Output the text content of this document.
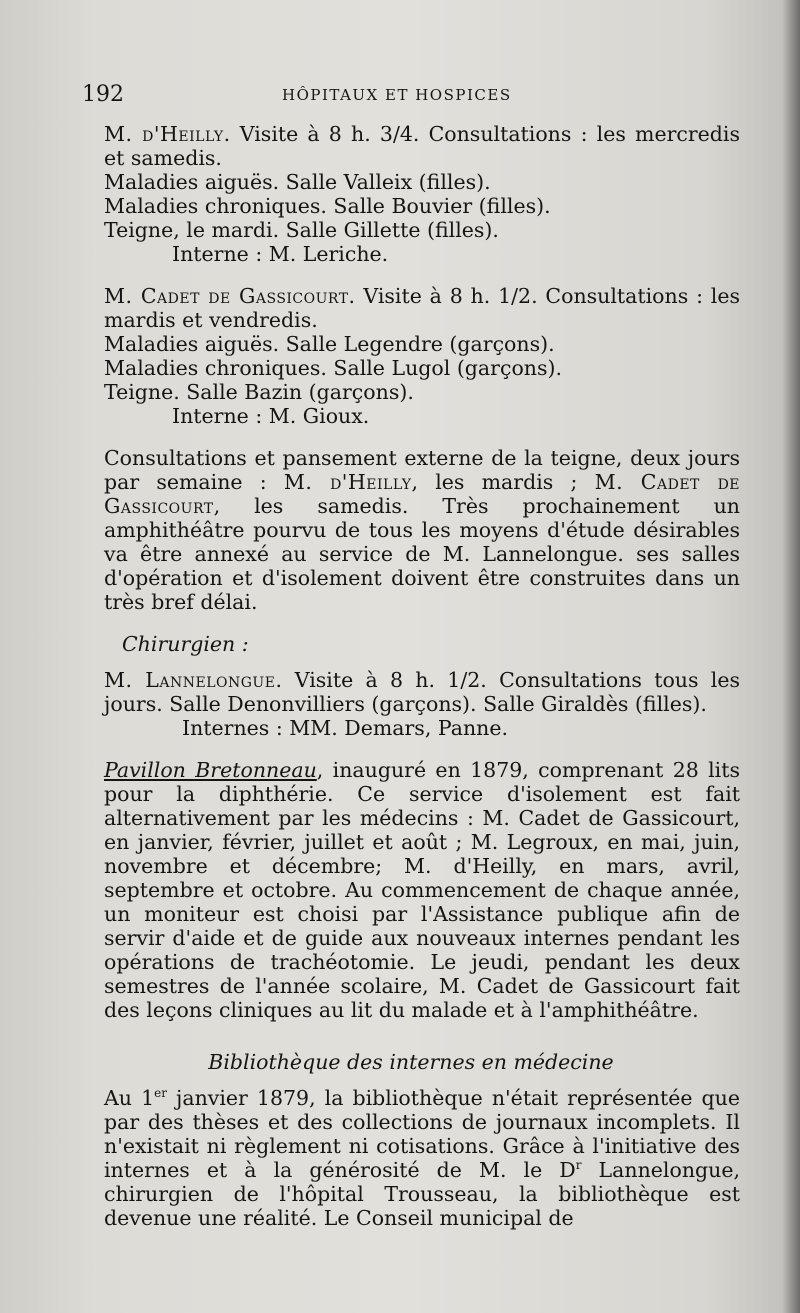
192	HÔPITAUX ET HOSPICES

M. d'Heilly. Visite à 8 h. 3/4. Consultations : les mercredis et samedis.

Maladies aiguës. Salle Valleix (filles).

Maladies chroniques. Salle Bouvier (filles).

Teigne, le mardi. Salle Gillette (filles).

Interne : M. Leriche.

M. Cadet de Gassicourt. Visite à 8 h. 1/2. Consultations : les mardis et vendredis.

Maladies aiguës. Salle Legendre (garçons).

Maladies chroniques. Salle Lugol (garçons).

Teigne. Salle Bazin (garçons).

Interne : M. Gioux.

Consultations et pansement externe de la teigne, deux jours par semaine : M. d'Heilly, les mardis ; M. Cadet de Gassicourt, les samedis. Très prochainement un amphithéâtre pourvu de tous les moyens d'étude désirables va être annexé au service de M. Lannelongue. ses salles d'opération et d'isolement doivent être construites dans un très bref délai.

Chirurgien :

M. Lannelongue. Visite à 8 h. 1/2. Consultations tous les jours. Salle Denonvilliers (garçons). Salle Giraldès (filles).

Internes : MM. Demars, Panne.

Pavillon Bretonneau, inauguré en 1879, comprenant 28 lits pour la diphthérie. Ce service d'isolement est fait alternativement par les médecins : M. Cadet de Gassicourt, en janvier, février, juillet et août ; M. Legroux, en mai, juin, novembre et décembre; M. d'Heilly, en mars, avril, septembre et octobre. Au commencement de chaque année, un moniteur est choisi par l'Assistance publique afin de servir d'aide et de guide aux nouveaux internes pendant les opérations de trachéotomie. Le jeudi, pendant les deux semestres de l'année scolaire, M. Cadet de Gassicourt fait des leçons cliniques au lit du malade et à l'amphithéâtre.

Bibliothèque des internes en médecine

Au 1er janvier 1879, la bibliothèque n'était représentée que par des thèses et des collections de journaux incomplets. Il n'existait ni règlement ni cotisations. Grâce à l'initiative des internes et à la générosité de M. le $D^r$ Lannelongue, chirurgien de l'hôpital Trousseau, la bibliothèque est devenue une réalité. Le Conseil municipal de
